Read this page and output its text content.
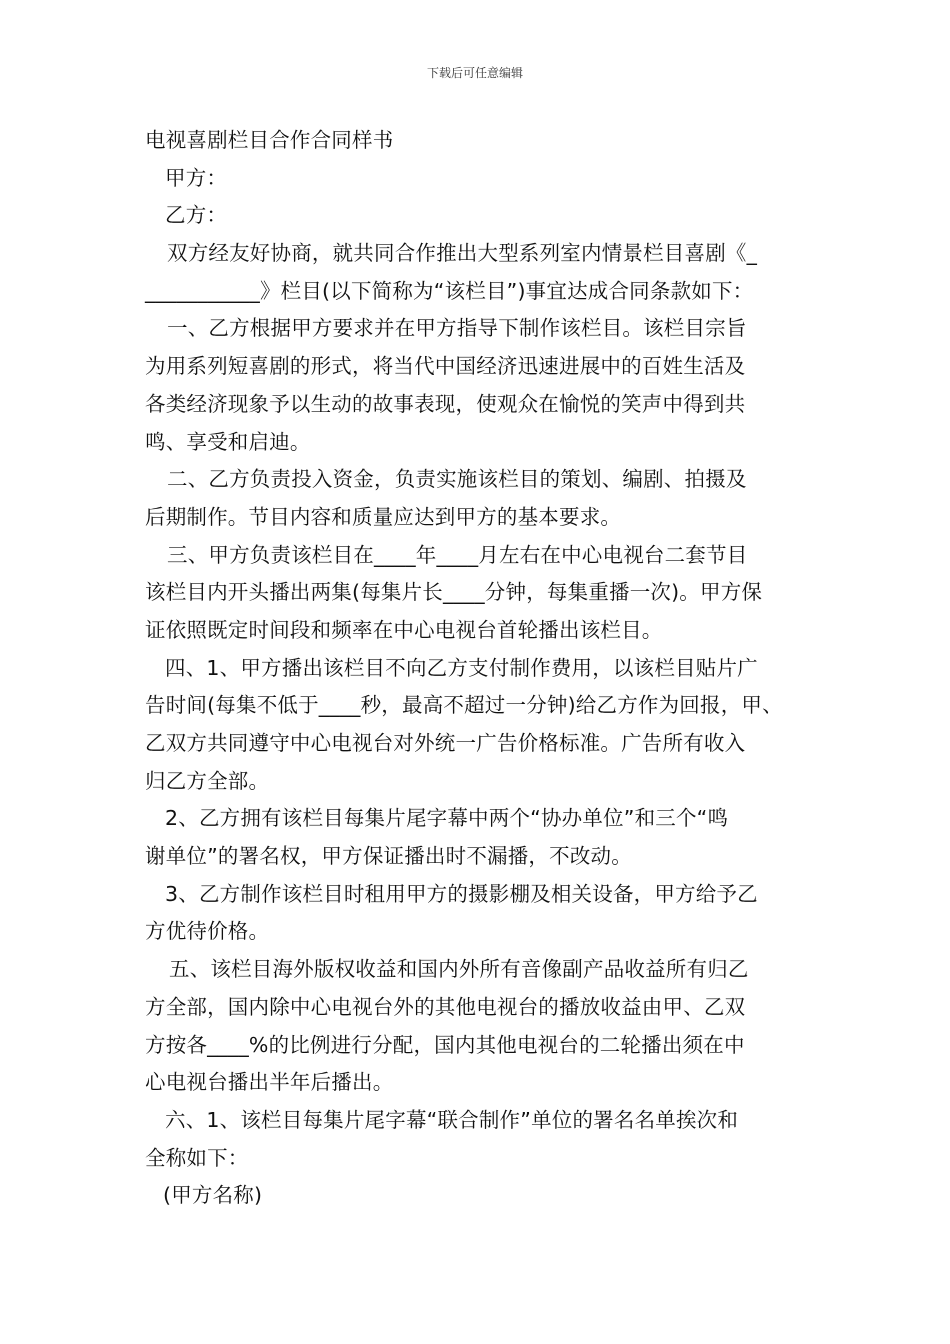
下载后可任意编辑
电视喜剧栏目合作合同样书
甲方：
乙方：
双方经友好协商，就共同合作推出大型系列室内情景栏目喜剧《_
___________》栏目(以下简称为“该栏目”)事宜达成合同条款如下：
一、乙方根据甲方要求并在甲方指导下制作该栏目。该栏目宗旨
为用系列短喜剧的形式，将当代中国经济迅速进展中的百姓生活及
各类经济现象予以生动的故事表现，使观众在愉悦的笑声中得到共
鸣、享受和启迪。
二、乙方负责投入资金，负责实施该栏目的策划、编剧、拍摄及
后期制作。节目内容和质量应达到甲方的基本要求。
三、甲方负责该栏目在____年____月左右在中心电视台二套节目
该栏目内开头播出两集(每集片长____分钟，每集重播一次)。甲方保
证依照既定时间段和频率在中心电视台首轮播出该栏目。
四、1、甲方播出该栏目不向乙方支付制作费用，以该栏目贴片广
告时间(每集不低于____秒，最高不超过一分钟)给乙方作为回报，甲、
乙双方共同遵守中心电视台对外统一广告价格标准。广告所有收入
归乙方全部。
2、乙方拥有该栏目每集片尾字幕中两个“协办单位”和三个“鸣
谢单位”的署名权，甲方保证播出时不漏播，不改动。
3、乙方制作该栏目时租用甲方的摄影棚及相关设备，甲方给予乙
方优待价格。
五、该栏目海外版权收益和国内外所有音像副产品收益所有归乙
方全部，国内除中心电视台外的其他电视台的播放收益由甲、乙双
方按各____%的比例进行分配，国内其他电视台的二轮播出须在中
心电视台播出半年后播出。
六、1、该栏目每集片尾字幕“联合制作”单位的署名名单挨次和
全称如下：
(甲方名称)
